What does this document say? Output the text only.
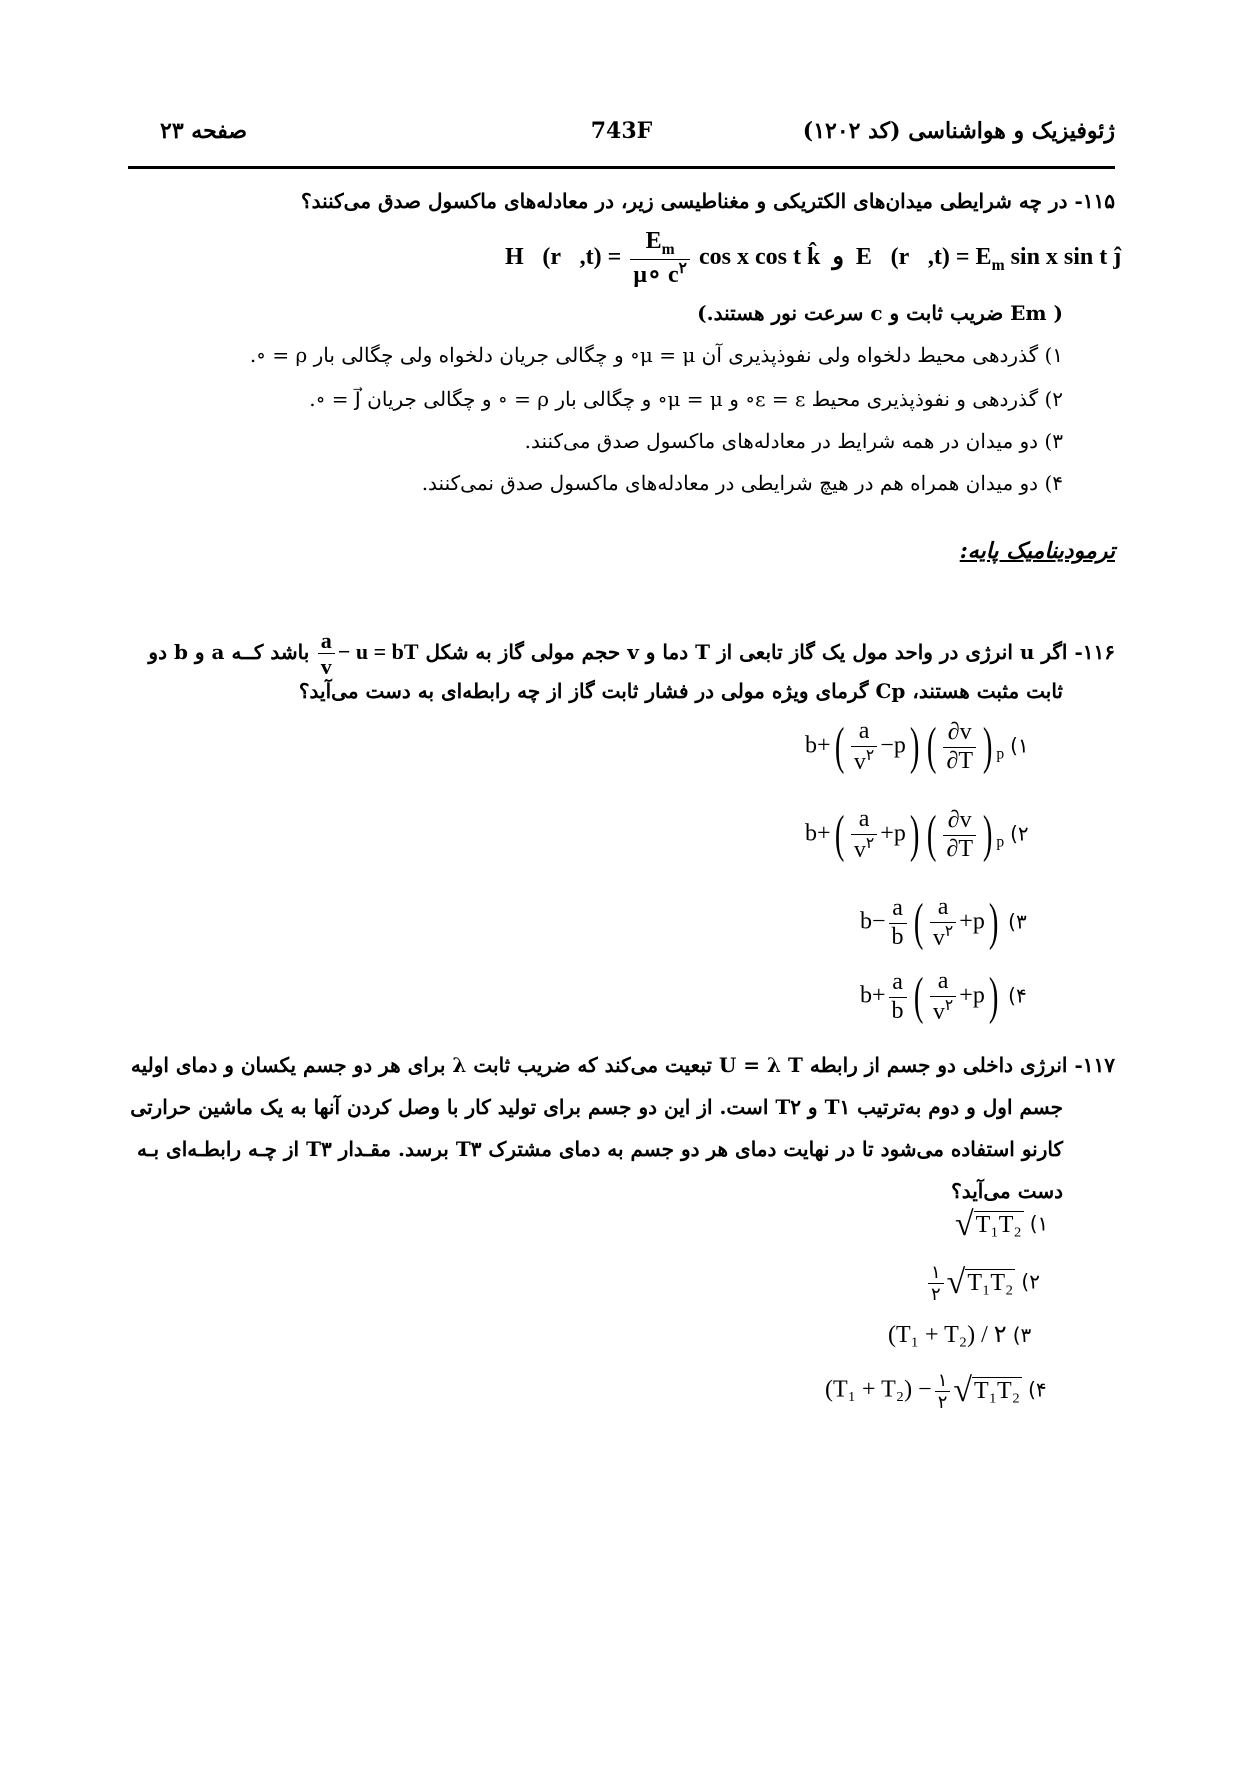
ژئوفیزیک و هواشناسی (کد ۱۲۰۲)
743F
صفحه ۲۳
۱۱۵- در چه شرایطی میدان‌های الکتریکی و مغناطیسی زیر، در معادله‌های ماکسول صدق می‌کنند؟
H⃗(r⃗,t) = $\frac{E_m}{\mu\circ c^۲}$ cos x cos t k̂ و E⃗(r⃗,t) = $E_m$ sin x sin t ĵ
( Em ضریب ثابت و c سرعت نور هستند.)
۱) گذردهی محیط دلخواه ولی نفوذپذیری آن μ = μ∘ و چگالی جریان دلخواه ولی چگالی بار ρ = ∘.
۲) گذردهی و نفوذپذیری محیط ε = ε∘ و μ = μ∘ و چگالی بار ρ = ∘ و چگالی جریان J⃗ = ∘.
۳) دو میدان در همه شرایط در معادله‌های ماکسول صدق می‌کنند.
۴) دو میدان همراه هم در هیچ شرایطی در معادله‌های ماکسول صدق نمی‌کنند.
ترمودینامیک پایه:
۱۱۶- اگر u انرژی در واحد مول یک گاز تابعی از T دما و v حجم مولی گاز به شکل u = bT −
$\frac{a}{v}$
باشد کــه a و b دو
ثابت مثبت هستند، Cp گرمای ویژه مولی در فشار ثابت گاز از چه رابطه‌ای به دست می‌آید؟
$b+( \frac{a}{v^۲} -p)$ ( $\frac{\partial v}{\partial T}$ ) $_p$ (۱
$b+( \frac{a}{v^۲} +p)$ ( $\frac{\partial v}{\partial T}$ ) $_p$ (۲
$b- \frac{a}{b}$ ( $\frac{a}{v^۲} +p$) (۳
$b+ \frac{a}{b}$ ( $\frac{a}{v^۲} +p$) (۴
۱۱۷- انرژی داخلی دو جسم از رابطه U = λ T تبعیت می‌کند که ضریب ثابت λ برای هر دو جسم یکسان و دمای اولیه
جسم اول و دوم به‌ترتیب T۱ و T۲ است. از این دو جسم برای تولید کار با وصل کردن آنها به یک ماشین حرارتی
کارنو استفاده می‌شود تا در نهایت دمای هر دو جسم به دمای مشترک T۳ برسد. مقـدار T۳ از چـه رابطـه‌ای بـه
دست می‌آید؟
√T₁T₂ (۱
$\frac{۱}{۲} √T_1T_2$ (۲
(T₁ + T₂) / ۲ (۳
$(T_1 + T_2) - \frac{۱}{۲} √T_1T_2$ (۴
